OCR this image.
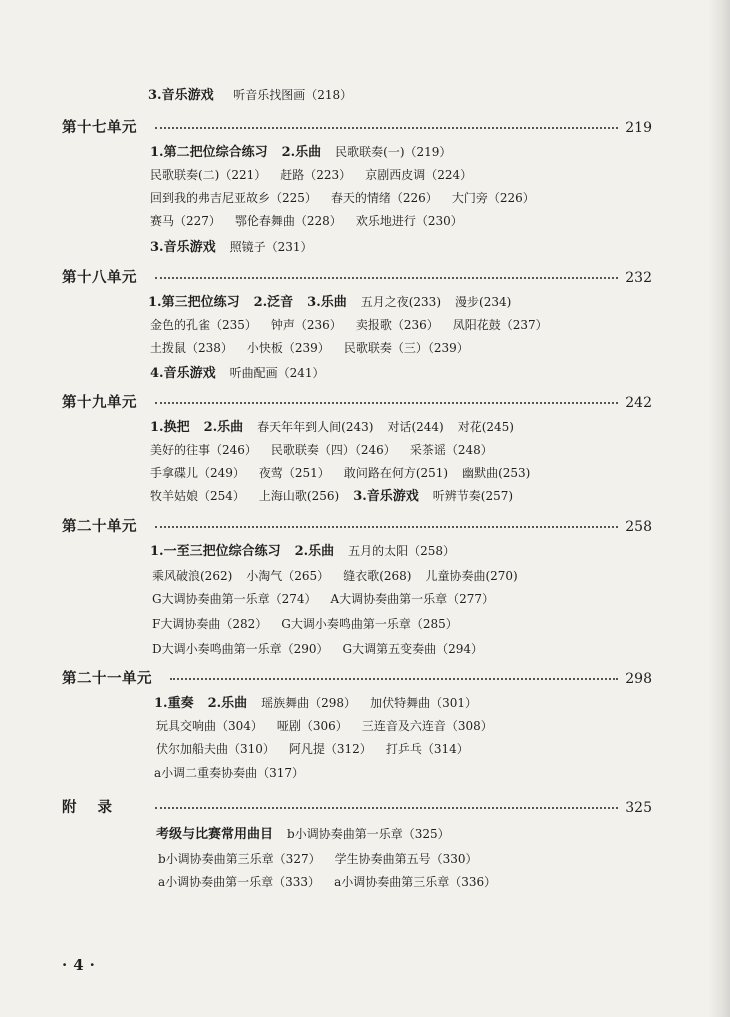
3.音乐游戏 听音乐找图画（218）
第十七单元	219
1.第二把位综合练习 2.乐曲 民歌联奏(一)（219）
民歌联奏(二)（221） 赶路（223） 京剧西皮调（224）
回到我的弗吉尼亚故乡（225） 春天的情绪（226） 大门旁（226）
赛马（227） 鄂伦春舞曲（228） 欢乐地进行（230）
3.音乐游戏 照镜子（231）
第十八单元	232
1.第三把位练习 2.泛音 3.乐曲 五月之夜(233) 漫步(234)
金色的孔雀（235） 钟声（236） 卖报歌（236） 凤阳花鼓（237）
土拨鼠（238） 小快板（239） 民歌联奏（三）（239）
4.音乐游戏 听曲配画（241）
第十九单元	242
1.换把 2.乐曲 春天年年到人间(243) 对话(244) 对花(245)
美好的往事（246） 民歌联奏（四）（246） 采茶谣（248）
手拿碟儿（249） 夜莺（251） 敢问路在何方(251) 幽默曲(253)
牧羊姑娘（254） 上海山歌(256) 3.音乐游戏 听辨节奏(257)
第二十单元	258
1.一至三把位综合练习 2.乐曲 五月的太阳（258）
乘风破浪(262) 小淘气（265） 缝衣歌(268) 儿童协奏曲(270)
G大调协奏曲第一乐章（274） A大调协奏曲第一乐章（277）
F大调协奏曲（282） G大调小奏鸣曲第一乐章（285）
D大调小奏鸣曲第一乐章（290） G大调第五变奏曲（294）
第二十一单元	298
1.重奏 2.乐曲 瑶族舞曲（298） 加伏特舞曲（301）
玩具交响曲（304） 哑剧（306） 三连音及六连音（308）
伏尔加船夫曲（310） 阿凡提（312） 打乒乓（314）
a小调二重奏协奏曲（317）
附 录	325
考级与比赛常用曲目 b小调协奏曲第一乐章（325）
b小调协奏曲第三乐章（327） 学生协奏曲第五号（330）
a小调协奏曲第一乐章（333） a小调协奏曲第三乐章（336）
·4·
